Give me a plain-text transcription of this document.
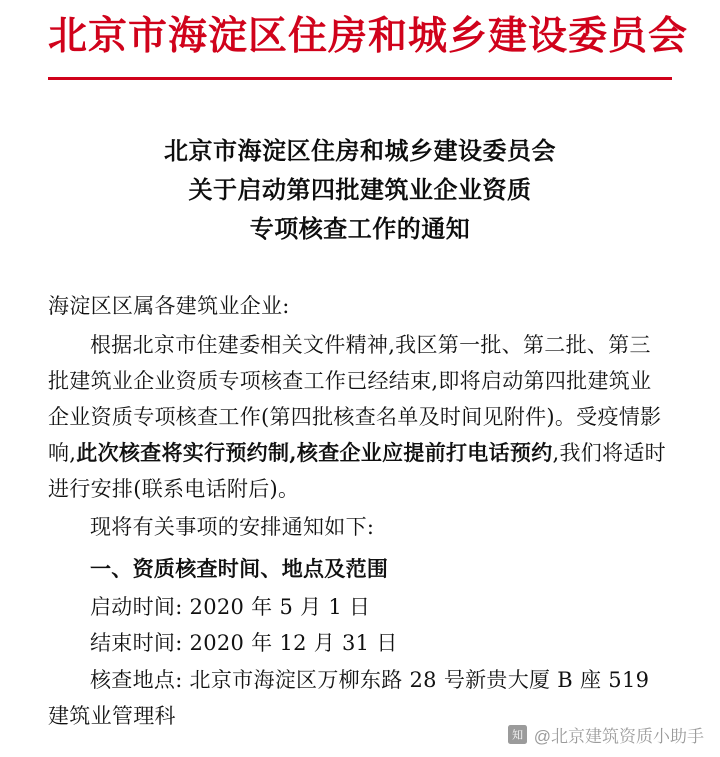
北京市海淀区住房和城乡建设委员会
北京市海淀区住房和城乡建设委员会
关于启动第四批建筑业企业资质
专项核查工作的通知

海淀区区属各建筑业企业:

根据北京市住建委相关文件精神,我区第一批、第二批、第三批建筑业企业资质专项核查工作已经结束,即将启动第四批建筑业企业资质专项核查工作(第四批核查名单及时间见附件)。受疫情影响,此次核查将实行预约制,核查企业应提前打电话预约,我们将适时进行安排(联系电话附后)。

现将有关事项的安排通知如下:

一、资质核查时间、地点及范围

启动时间: 2020 年 5 月 1 日

结束时间: 2020 年 12 月 31 日

核查地点: 北京市海淀区万柳东路 28 号新贵大厦 B 座 519

建筑业管理科

知 @北京建筑资质小助手
